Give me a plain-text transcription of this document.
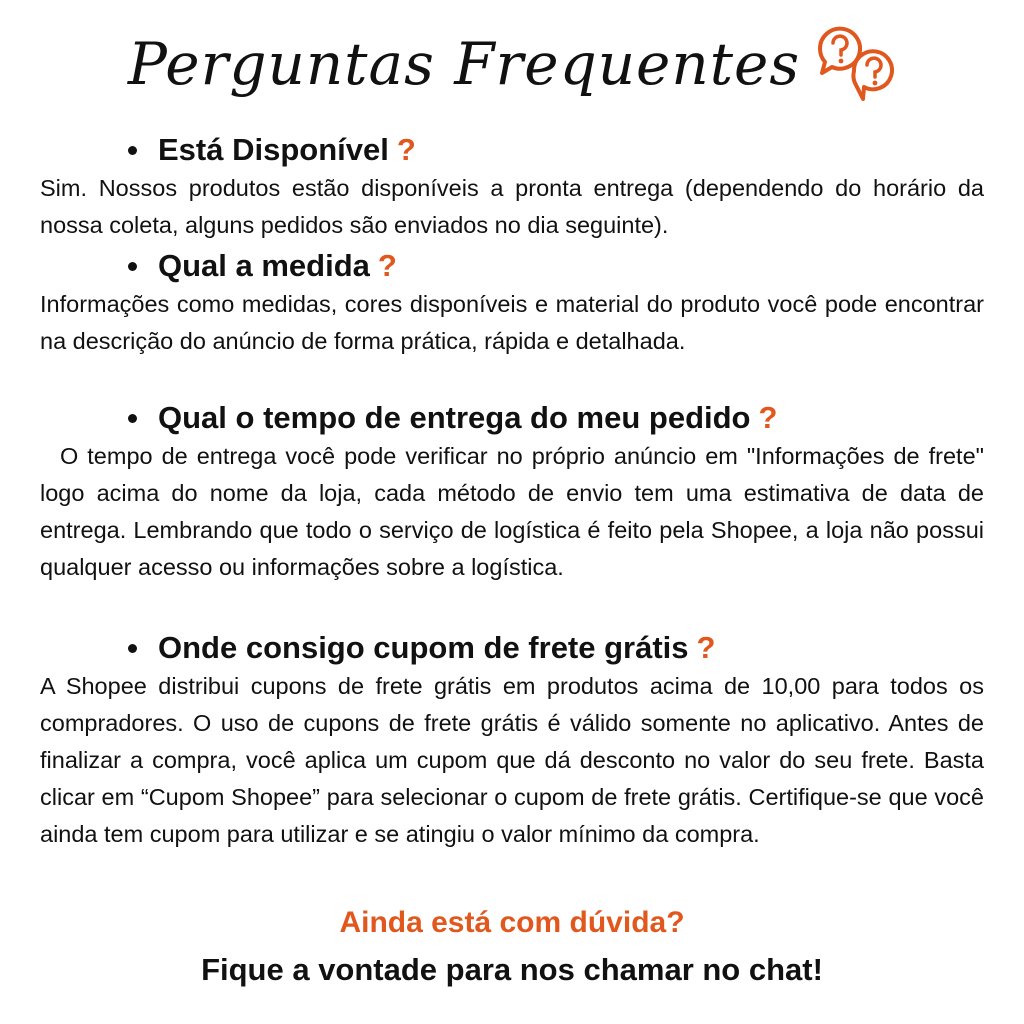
Perguntas Frequentes
Está Disponível ?
Sim. Nossos produtos estão disponíveis a pronta entrega (dependendo do horário da nossa coleta, alguns pedidos são enviados no dia seguinte).
Qual a medida ?
Informações como medidas, cores disponíveis e material do produto você pode encontrar na descrição do anúncio de forma prática, rápida e detalhada.
Qual o tempo de entrega do meu pedido ?
O tempo de entrega você pode verificar no próprio anúncio em "Informações de frete" logo acima do nome da loja, cada método de envio tem uma estimativa de data de entrega. Lembrando que todo o serviço de logística é feito pela Shopee, a loja não possui qualquer acesso ou informações sobre a logística.
Onde consigo cupom de frete grátis ?
A Shopee distribui cupons de frete grátis em produtos acima de 10,00 para todos os compradores. O uso de cupons de frete grátis é válido somente no aplicativo. Antes de finalizar a compra, você aplica um cupom que dá desconto no valor do seu frete. Basta clicar em “Cupom Shopee” para selecionar o cupom de frete grátis. Certifique-se que você ainda tem cupom para utilizar e se atingiu o valor mínimo da compra.
Ainda está com dúvida?
Fique a vontade para nos chamar no chat!
